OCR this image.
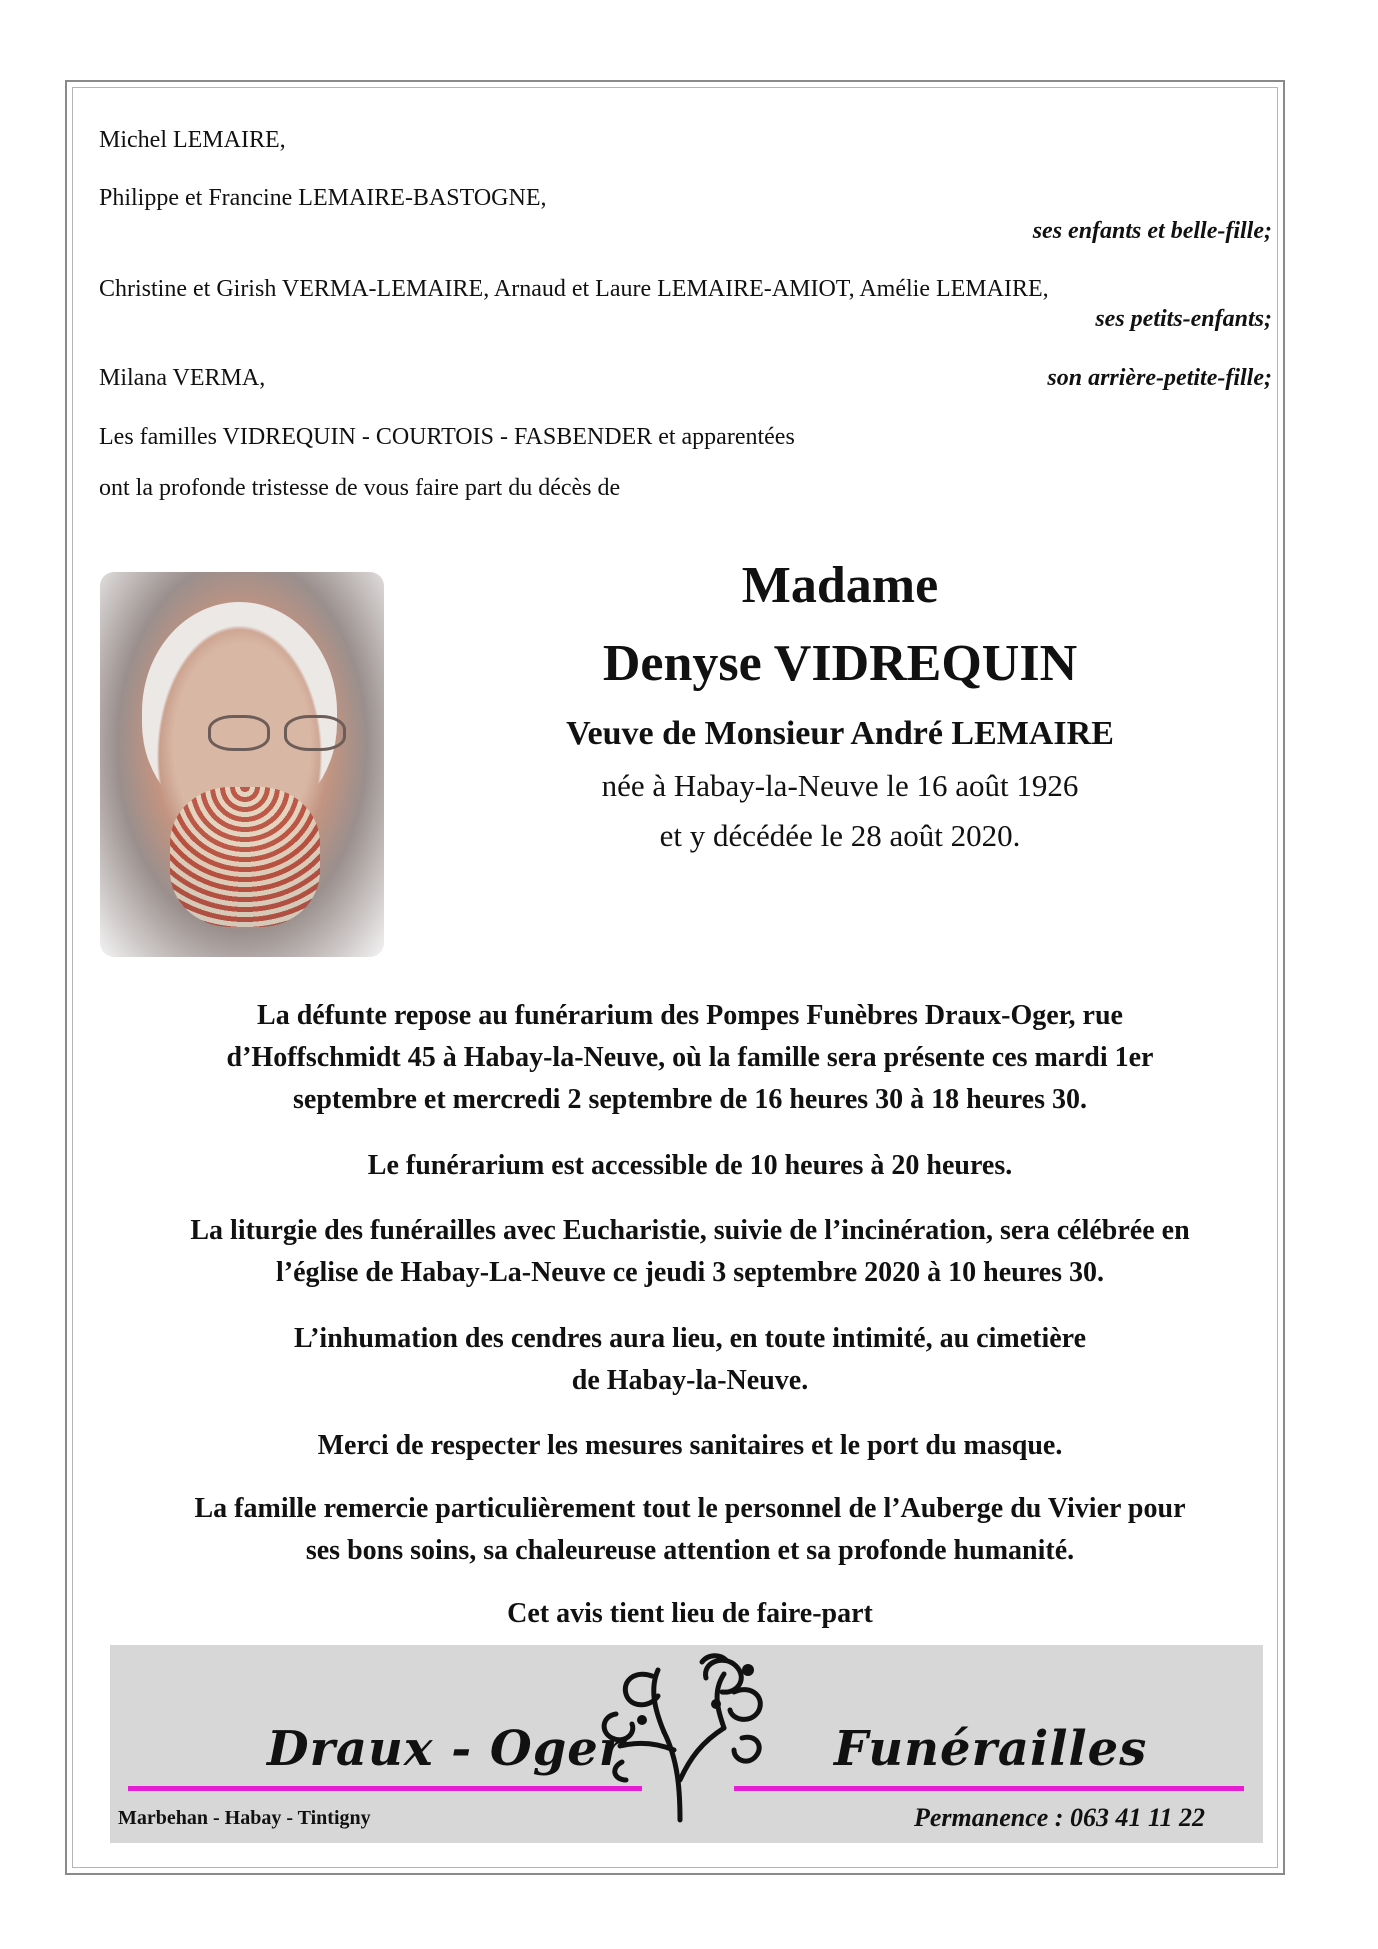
Michel LEMAIRE,
Philippe et Francine LEMAIRE-BASTOGNE,
ses enfants et belle-fille;
Christine et Girish VERMA-LEMAIRE, Arnaud et Laure LEMAIRE-AMIOT, Amélie LEMAIRE,
ses petits-enfants;
Milana VERMA,	son arrière-petite-fille;
Les familles VIDREQUIN - COURTOIS - FASBENDER et apparentées
ont la profonde tristesse de vous faire part du décès de
Madame
Denyse VIDREQUIN
Veuve de Monsieur André LEMAIRE
née à Habay-la-Neuve le 16 août 1926
et y décédée le 28 août 2020.
La défunte repose au funérarium des Pompes Funèbres Draux-Oger, rue
d’Hoffschmidt 45 à Habay-la-Neuve, où la famille sera présente ces mardi 1er
septembre et mercredi 2 septembre de 16 heures 30 à 18 heures 30.
Le funérarium est accessible de 10 heures à 20 heures.
La liturgie des funérailles avec Eucharistie, suivie de l’incinération, sera célébrée en
l’église de Habay-La-Neuve ce jeudi 3 septembre 2020 à 10 heures 30.
L’inhumation des cendres aura lieu, en toute intimité, au cimetière
de Habay-la-Neuve.
Merci de respecter les mesures sanitaires et le port du masque.
La famille remercie particulièrement tout le personnel de l’Auberge du Vivier pour
ses bons soins, sa chaleureuse attention et sa profonde humanité.
Cet avis tient lieu de faire-part
Draux - Oger	Funérailles
Marbehan - Habay - Tintigny	Permanence : 063 41 11 22
